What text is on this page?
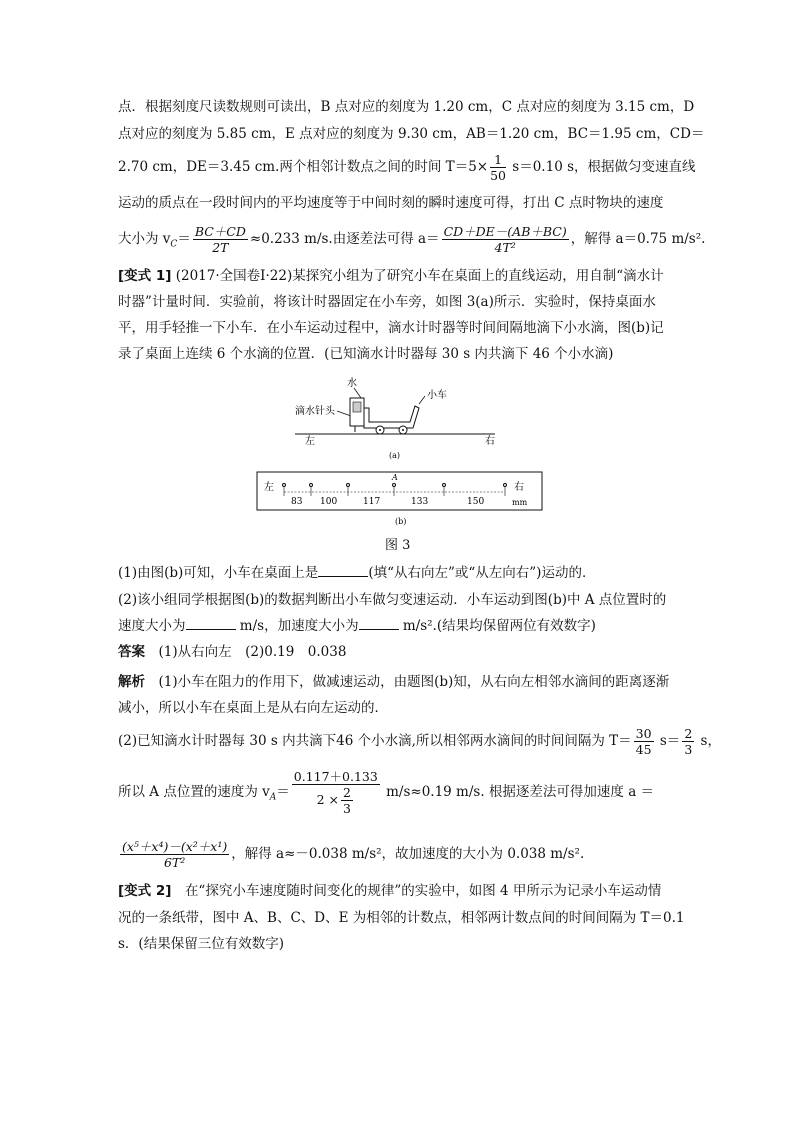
点．根据刻度尺读数规则可读出，B 点对应的刻度为 1.20 cm，C 点对应的刻度为 3.15 cm，D
点对应的刻度为 5.85 cm，E 点对应的刻度为 9.30 cm，AB＝1.20 cm，BC＝1.95 cm，CD＝
2.70 cm，DE＝3.45 cm.两个相邻计数点之间的时间 $T=5\times \frac{1}{50} s=0.10$ s，根据做匀变速直线
运动的质点在一段时间内的平均速度等于中间时刻的瞬时速度可得，打出 C 点时物块的速度
大小为 $v_C= \frac{BC+CD}{2T} \approx 0.233$ m/s.由逐差法可得 $a= \frac{CD+DE-(AB+BC)}{\text{4T²}}$ ，解得 a＝0.75 m/s².
[变式 1] (2017·全国卷Ⅰ·22)某探究小组为了研究小车在桌面上的直线运动，用自制“滴水计
时器”计量时间．实验前，将该计时器固定在小车旁，如图 3(a)所示．实验时，保持桌面水
平，用手轻推一下小车．在小车运动过程中，滴水计时器等时间间隔地滴下小水滴，图(b)记
录了桌面上连续 6 个水滴的位置．(已知滴水计时器每 30 s 内共滴下 46 个小水滴)
水
小车
滴水针头
左	右
(a)
左	右
mm
A
83 100	117	133	150
(b)
图 3
(1)由图(b)可知，小车在桌面上是	(填“从右向左”或“从左向右”)运动的．
(2)该小组同学根据图(b)的数据判断出小车做匀变速运动．小车运动到图(b)中 A 点位置时的
速度大小为	m/s，加速度大小为	m/s².(结果均保留两位有效数字)
答案　 (1)从右向左　(2)0.19　0.038
解析　 (1)小车在阻力的作用下，做减速运动，由题图(b)知，从右向左相邻水滴间的距离逐渐
减小，所以小车在桌面上是从右向左运动的．
(2)已知滴水计时器每 30 s 内共滴下46 个小水滴,所以相邻两水滴间的时间间隔为 $T= \frac{30}{45} s= \frac{2}{3}$ s，
所以 A 点位置的速度为 $v_A= \frac{0.117+0.133}{2 \times \frac{2}{3}} m/s\approx 0.19$ m/s. 根据逐差法可得加速度 a ＝
$\frac{\text{(x⁵＋x⁴)－(x²＋x¹)}}{\text{6T²}}$ ，解得 a≈－0.038 m/s²，故加速度的大小为 0.038 m/s².
[变式 2]　 在“探究小车速度随时间变化的规律”的实验中，如图 4 甲所示为记录小车运动情
况的一条纸带，图中 A、B、C、D、E 为相邻的计数点，相邻两计数点间的时间间隔为 T＝0.1
s．(结果保留三位有效数字)
